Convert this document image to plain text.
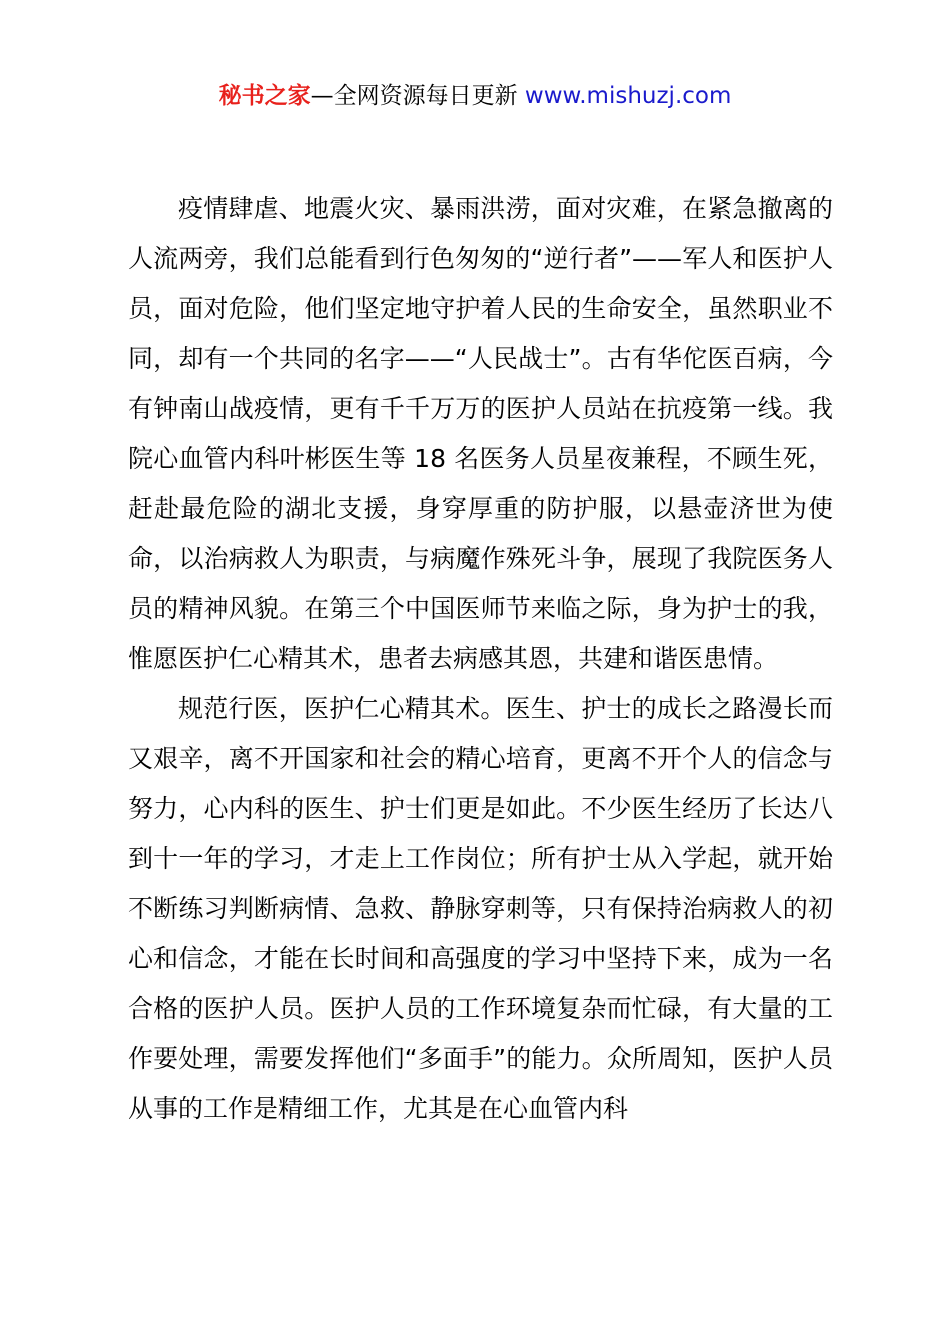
秘书之家—全网资源每日更新 www.mishuzj.com

疫情肆虐、地震火灾、暴雨洪涝，面对灾难，在紧急撤离的人流两旁，我们总能看到行色匆匆的“逆行者”——军人和医护人员，面对危险，他们坚定地守护着人民的生命安全，虽然职业不同，却有一个共同的名字——“人民战士”。古有华佗医百病，今有钟南山战疫情，更有千千万万的医护人员站在抗疫第一线。我院心血管内科叶彬医生等 18 名医务人员星夜兼程，不顾生死，赶赴最危险的湖北支援，身穿厚重的防护服，以悬壶济世为使命，以治病救人为职责，与病魔作殊死斗争，展现了我院医务人员的精神风貌。在第三个中国医师节来临之际，身为护士的我，惟愿医护仁心精其术，患者去病感其恩，共建和谐医患情。

规范行医，医护仁心精其术。医生、护士的成长之路漫长而又艰辛，离不开国家和社会的精心培育，更离不开个人的信念与努力，心内科的医生、护士们更是如此。不少医生经历了长达八到十一年的学习，才走上工作岗位；所有护士从入学起，就开始不断练习判断病情、急救、静脉穿刺等，只有保持治病救人的初心和信念，才能在长时间和高强度的学习中坚持下来，成为一名合格的医护人员。医护人员的工作环境复杂而忙碌，有大量的工作要处理，需要发挥他们“多面手”的能力。众所周知，医护人员从事的工作是精细工作，尤其是在心血管内科
